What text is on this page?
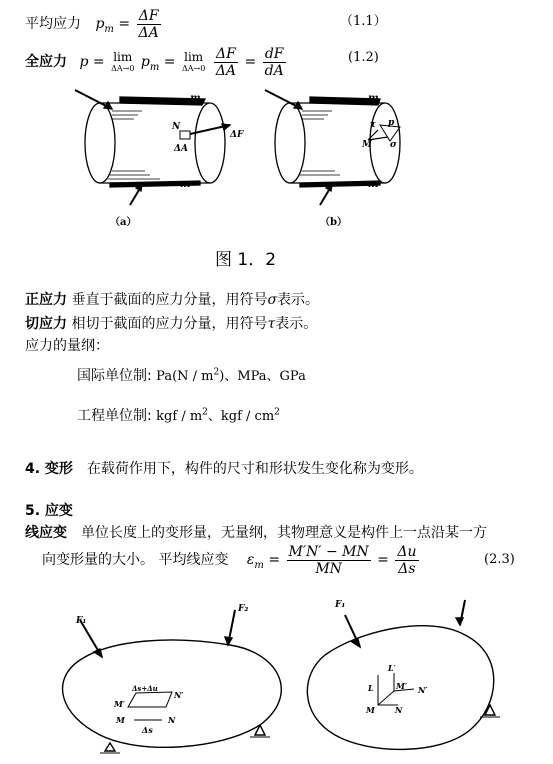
平均应力 $p_m = \frac{\Delta F}{\Delta A}$	（1.1）
全应力 p = lim
ΔA→0 $p_m = \lim$
ΔA→0
$\frac{\Delta F}{\Delta A} = \frac{dF}{dA}$	(1.2)
m
m
N
ΔA
ΔF
（a）
m
m
τ p
M σ
（b）
图 1．2
正应力 垂直于截面的应力分量，用符号σ表示。
切应力 相切于截面的应力分量，用符号τ表示。
应力的量纲：
国际单位制: $Pa(N / m^2)$、MPa、GPa
工程单位制: kgf / $m^2$、kgf / $cm^2$
4. 变形 在载荷作用下，构件的尺寸和形状发生变化称为变形。
5. 应变
线应变 单位长度上的变形量，无量纲，其物理意义是构件上一点沿某一方
向变形量的大小。 平均线应变 $\varepsilon_m = \frac{M'N' - MN}{MN} = \frac{\Delta u}{\Delta s}$	(2.3)
F₁
F₂
Δs+Δu
N′
M′
M	N
Δs
F₁
L′
L	M′ N′
M	N
